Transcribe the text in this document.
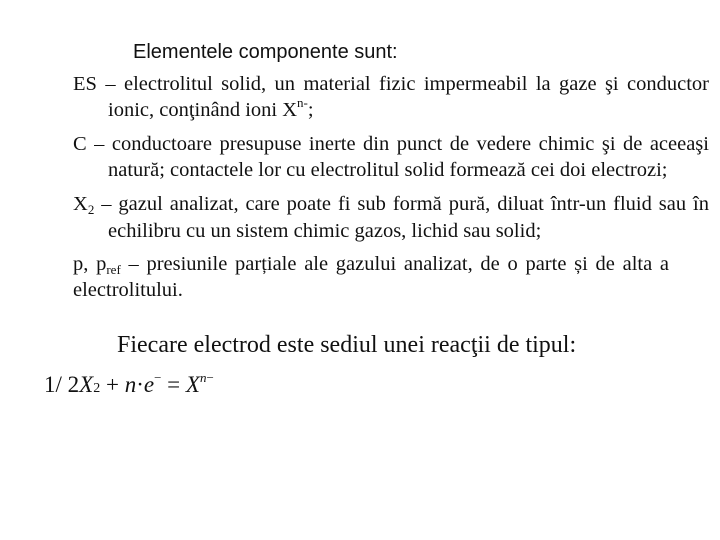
Elementele componente sunt:
ES – electrolitul solid, un material fizic impermeabil la gaze şi conductor
ionic, conţinând ioni $X^{n-}$;
C – conductoare presupuse inerte din punct de vedere chimic şi de aceeaşi
natură; contactele lor cu electrolitul solid formează cei doi electrozi;
$X_2$ – gazul analizat, care poate fi sub formă pură, diluat într-un fluid sau în
echilibru cu un sistem chimic gazos, lichid sau solid;
p, $p_{ref}$ – presiunile parțiale ale gazului analizat, de o parte și de alta a
electrolitului.
Fiecare electrod este sediul unei reacţii de tipul:
1/ $2X2 + n\cdot e^- = X^{n-}$
